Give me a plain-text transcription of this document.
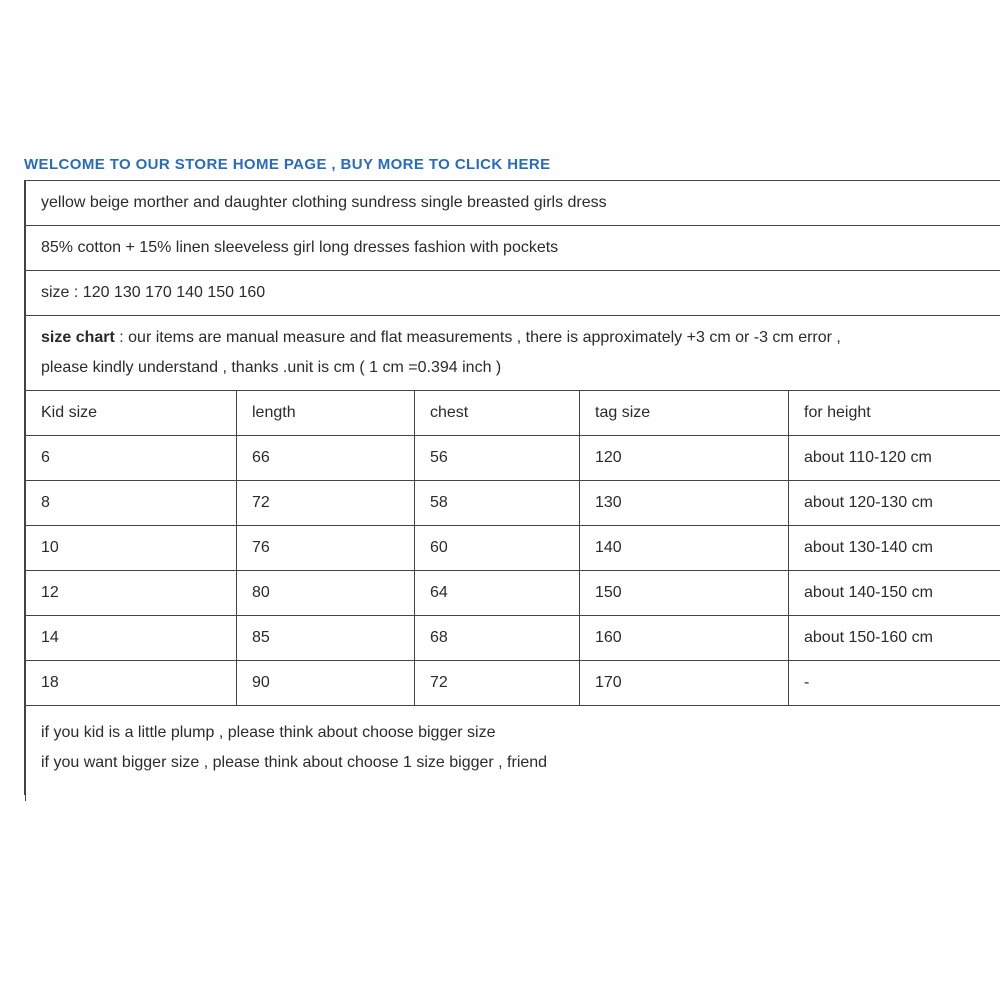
WELCOME TO OUR STORE HOME PAGE , BUY MORE TO CLICK HERE
yellow beige morther and daughter clothing sundress single breasted girls dress				
85% cotton + 15% linen sleeveless girl long dresses fashion with pockets				
size : 120 130 170 140 150 160				

size chart : our items are manual measure and flat measurements , there is approximately +3 cm or -3 cm error ,
please kindly understand , thanks .unit is cm ( 1 cm =0.394 inch )				

Kid size	length	chest	tag size	for height
6	66	56	120	about 110-120 cm
8	72	58	130	about 120-130 cm
10	76	60	140	about 130-140 cm
12	80	64	150	about 140-150 cm
14	85	68	160	about 150-160 cm
18	90	72	170	-

if you kid is a little plump , please think about choose bigger size
if you want bigger size , please think about choose 1 size bigger , friend				
